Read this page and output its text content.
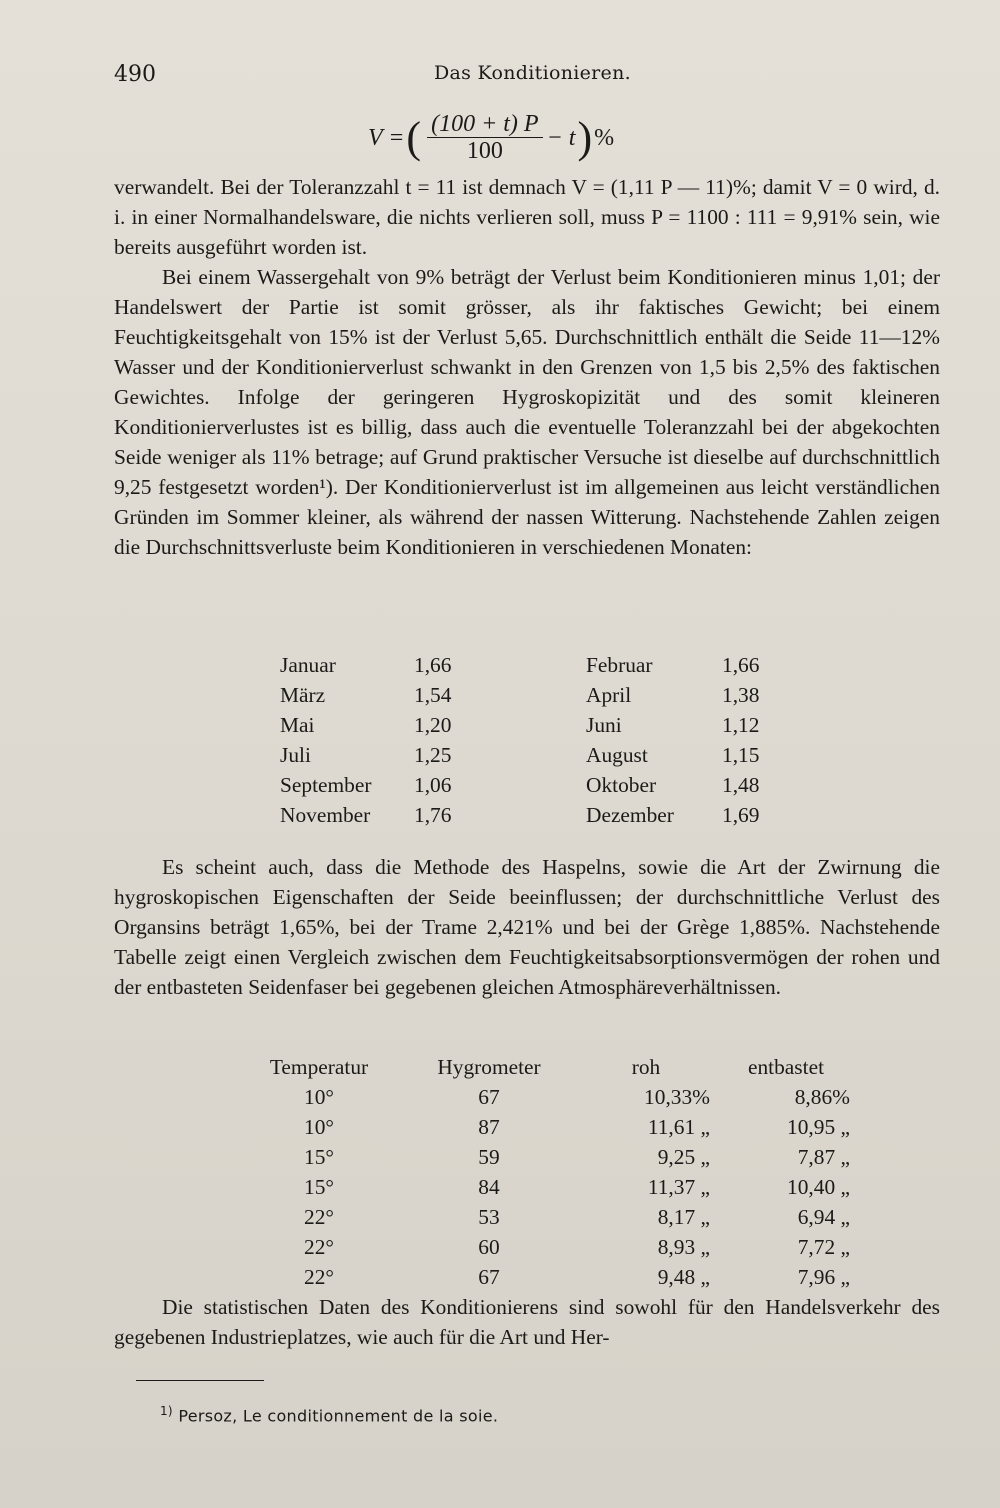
490	Das Konditionieren.
V = ( $\frac{(100 + t) P}{100} - t$ ) %

verwandelt. Bei der Toleranzzahl t = 11 ist demnach V = (1,11 P — 11)%; damit V = 0 wird, d. i. in einer Normalhandelsware, die nichts verlieren soll, muss P = 1100 : 111 = 9,91% sein, wie bereits ausgeführt worden ist.

Bei einem Wassergehalt von 9% beträgt der Verlust beim Konditionieren minus 1,01; der Handelswert der Partie ist somit grösser, als ihr faktisches Gewicht; bei einem Feuchtigkeitsgehalt von 15% ist der Verlust 5,65. Durchschnittlich enthält die Seide 11—12% Wasser und der Konditionierverlust schwankt in den Grenzen von 1,5 bis 2,5% des faktischen Gewichtes. Infolge der geringeren Hygroskopizität und des somit kleineren Konditionierverlustes ist es billig, dass auch die eventuelle Toleranzzahl bei der abgekochten Seide weniger als 11% betrage; auf Grund praktischer Versuche ist dieselbe auf durchschnittlich 9,25 festgesetzt worden¹). Der Konditionierverlust ist im allgemeinen aus leicht verständlichen Gründen im Sommer kleiner, als während der nassen Witterung. Nachstehende Zahlen zeigen die Durchschnittsverluste beim Konditionieren in verschiedenen Monaten:

Januar	1,66	Februar	1,66
März	1,54	April	1,38
Mai	1,20	Juni	1,12
Juli	1,25	August	1,15
September	1,06	Oktober	1,48
November	1,76	Dezember	1,69

Es scheint auch, dass die Methode des Haspelns, sowie die Art der Zwirnung die hygroskopischen Eigenschaften der Seide beeinflussen; der durchschnittliche Verlust des Organsins beträgt 1,65%, bei der Trame 2,421% und bei der Grège 1,885%. Nachstehende Tabelle zeigt einen Vergleich zwischen dem Feuchtigkeitsabsorptionsvermögen der rohen und der entbasteten Seidenfaser bei gegebenen gleichen Atmosphäreverhältnissen.

Temperatur	Hygrometer	roh	entbastet
10°	67	10,33%	8,86%
10°	87	11,61 „	10,95 „
15°	59	9,25 „	7,87 „
15°	84	11,37 „	10,40 „
22°	53	8,17 „	6,94 „
22°	60	8,93 „	7,72 „
22°	67	9,48 „	7,96 „

Die statistischen Daten des Konditionierens sind sowohl für den Handelsverkehr des gegebenen Industrieplatzes, wie auch für die Art und Her-

$^{1)}$ Persoz, Le conditionnement de la soie.
